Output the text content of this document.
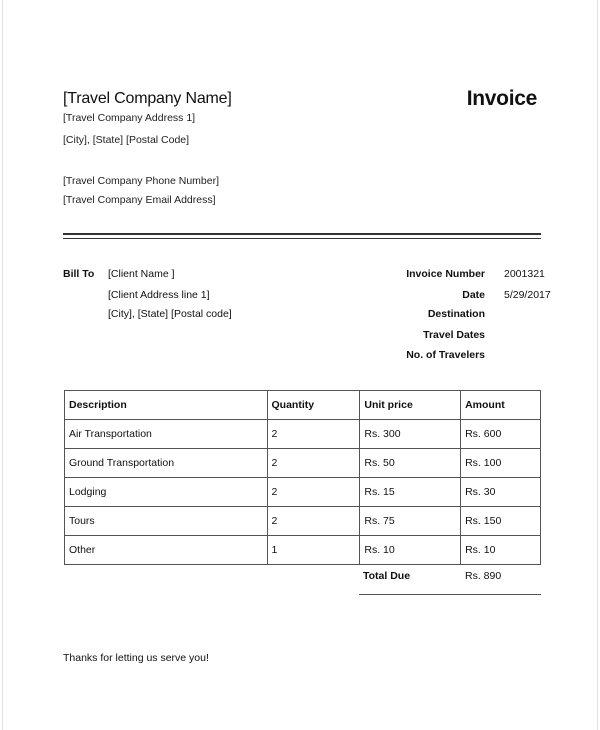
[Travel Company Name]
[Travel Company Address 1]
[City], [State] [Postal Code]
[Travel Company Phone Number]
[Travel Company Email Address]
Invoice
Bill To [Client Name ]
[Client Address line 1]
[City], [State] [Postal code]
Invoice Number 2001321
Date 5/29/2017
Destination
Travel Dates
No. of Travelers
Description	Quantity	Unit price	Amount
Air Transportation	2	Rs. 300	Rs. 600
Ground Transportation	2	Rs. 50	Rs. 100
Lodging	2	Rs. 15	Rs. 30
Tours	2	Rs. 75	Rs. 150
Other	1	Rs. 10	Rs. 10
Total Due	Rs. 890
Thanks for letting us serve you!
